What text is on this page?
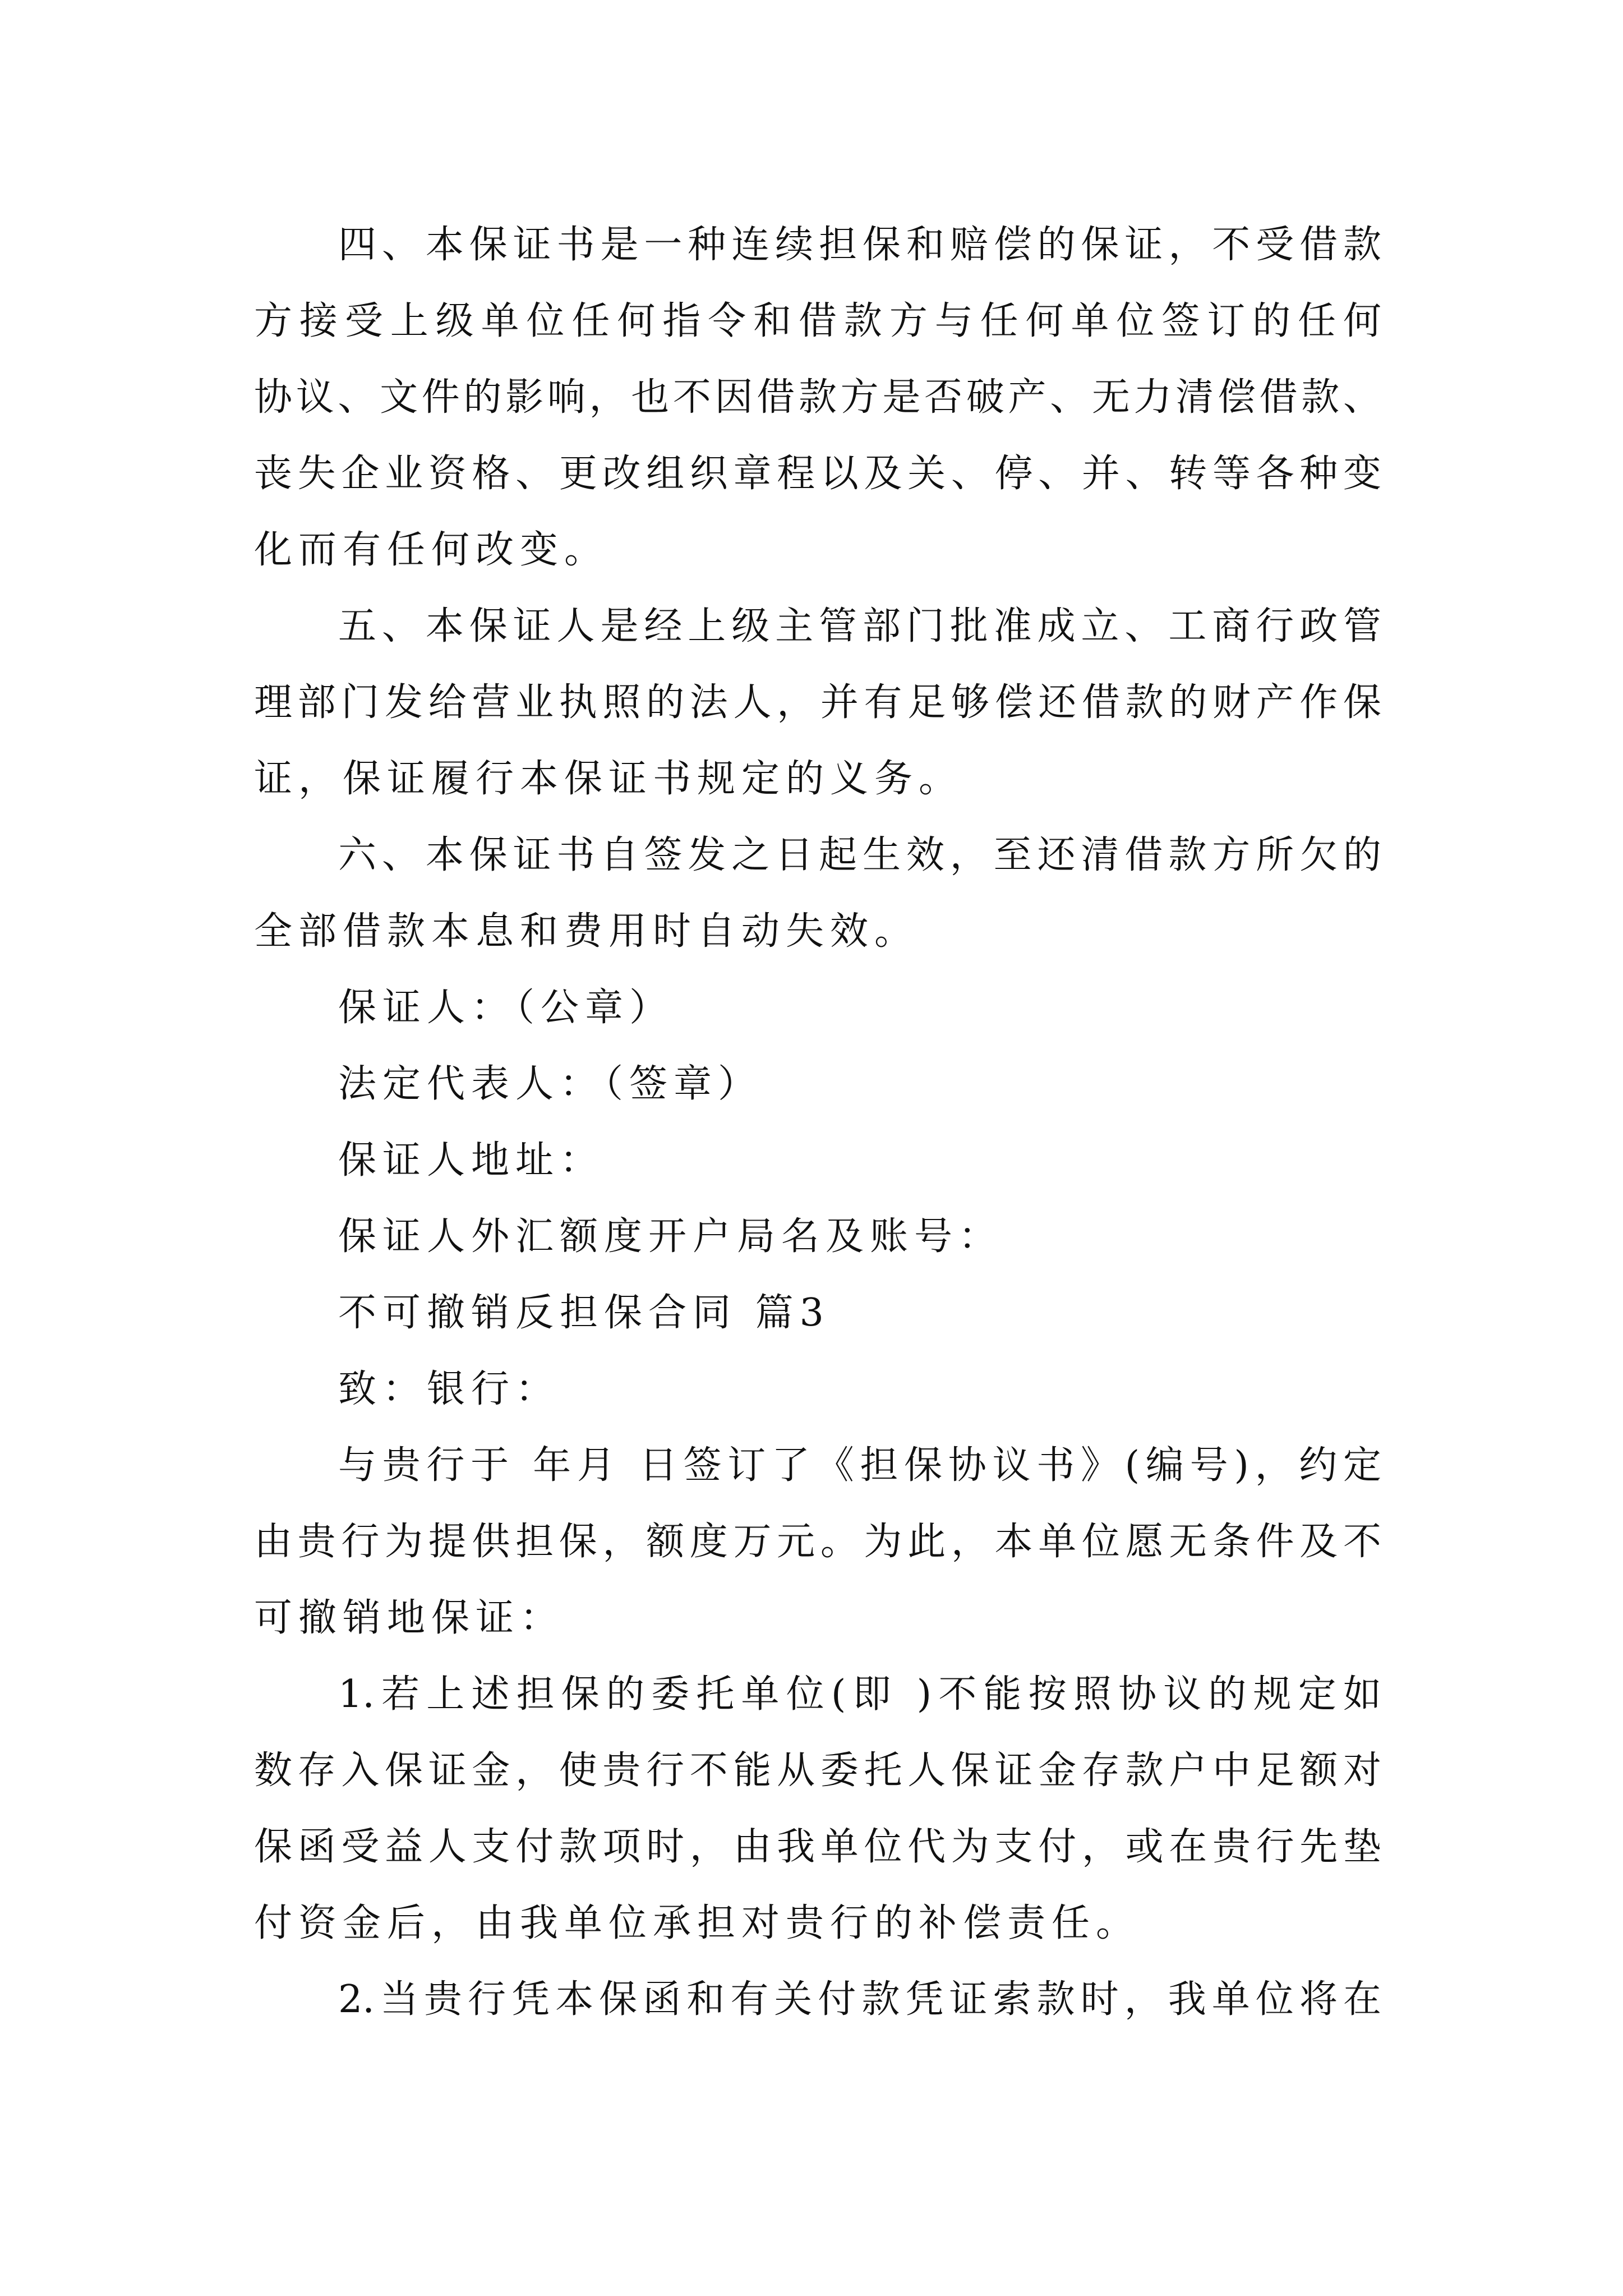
四、本保证书是一种连续担保和赔偿的保证，不受借款

方接受上级单位任何指令和借款方与任何单位签订的任何

协议、文件的影响，也不因借款方是否破产、无力清偿借款、

丧失企业资格、更改组织章程以及关、停、并、转等各种变

化而有任何改变。

五、本保证人是经上级主管部门批准成立、工商行政管

理部门发给营业执照的法人，并有足够偿还借款的财产作保

证，保证履行本保证书规定的义务。

六、本保证书自签发之日起生效，至还清借款方所欠的

全部借款本息和费用时自动失效。

保证人：（公章）

法定代表人：（签章）

保证人地址：

保证人外汇额度开户局名及账号：

不可撤销反担保合同 篇3

致：银行：

与贵行于 年月 日签订了《担保协议书》(编号)，约定

由贵行为提供担保，额度万元。为此，本单位愿无条件及不

可撤销地保证：

1.若上述担保的委托单位(即 )不能按照协议的规定如

数存入保证金，使贵行不能从委托人保证金存款户中足额对

保函受益人支付款项时，由我单位代为支付，或在贵行先垫

付资金后，由我单位承担对贵行的补偿责任。

2.当贵行凭本保函和有关付款凭证索款时，我单位将在
